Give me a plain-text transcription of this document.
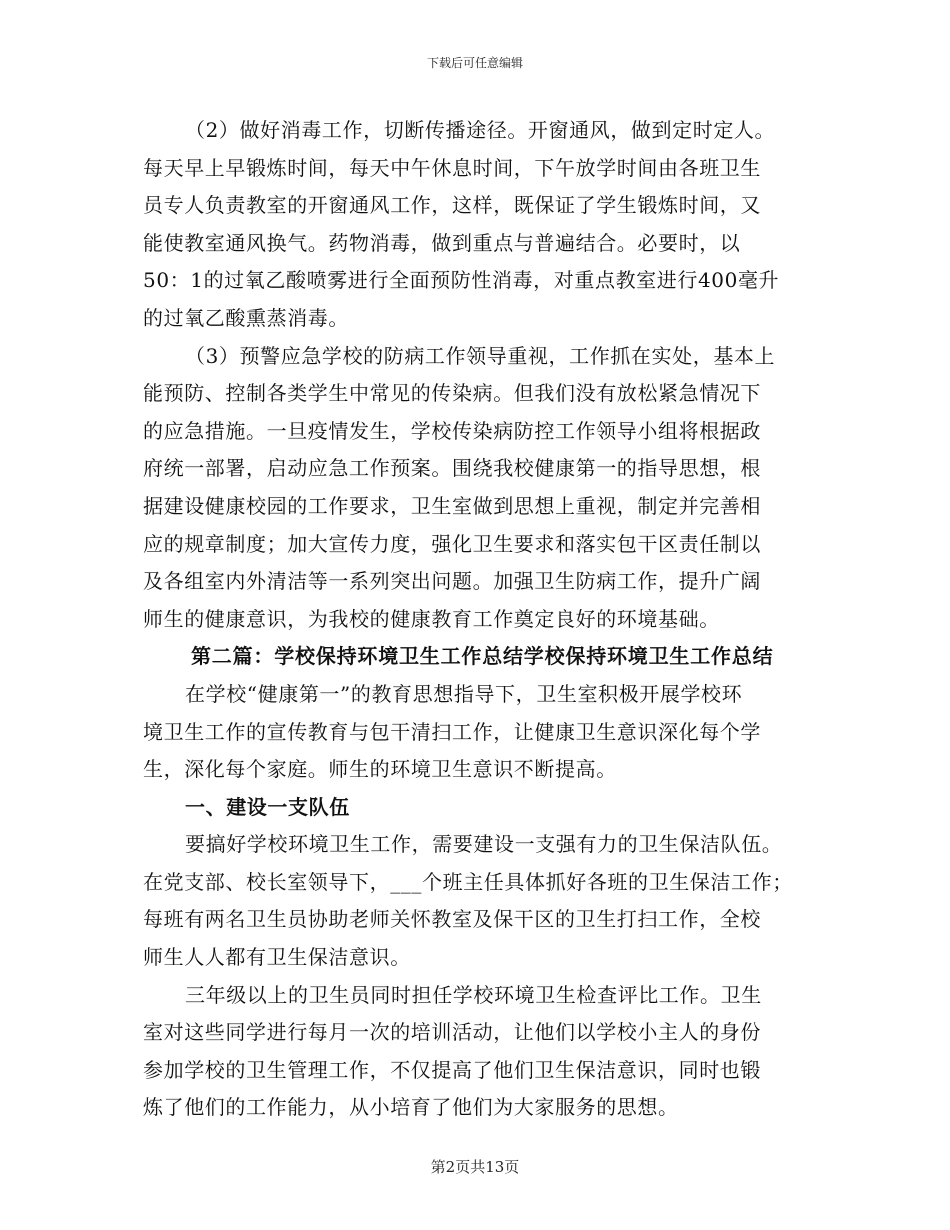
下载后可任意编辑
（2）做好消毒工作，切断传播途径。开窗通风，做到定时定人。
每天早上早锻炼时间，每天中午休息时间，下午放学时间由各班卫生
员专人负责教室的开窗通风工作，这样，既保证了学生锻炼时间，又
能使教室通风换气。药物消毒，做到重点与普遍结合。必要时，以
50：1的过氧乙酸喷雾进行全面预防性消毒，对重点教室进行400毫升
的过氧乙酸熏蒸消毒。
（3）预警应急学校的防病工作领导重视，工作抓在实处，基本上
能预防、控制各类学生中常见的传染病。但我们没有放松紧急情况下
的应急措施。一旦疫情发生，学校传染病防控工作领导小组将根据政
府统一部署，启动应急工作预案。围绕我校健康第一的指导思想，根
据建设健康校园的工作要求，卫生室做到思想上重视，制定并完善相
应的规章制度；加大宣传力度，强化卫生要求和落实包干区责任制以
及各组室内外清洁等一系列突出问题。加强卫生防病工作，提升广阔
师生的健康意识，为我校的健康教育工作奠定良好的环境基础。
第二篇：学校保持环境卫生工作总结学校保持环境卫生工作总结
在学校“健康第一”的教育思想指导下，卫生室积极开展学校环
境卫生工作的宣传教育与包干清扫工作，让健康卫生意识深化每个学
生，深化每个家庭。师生的环境卫生意识不断提高。
一、建设一支队伍
要搞好学校环境卫生工作，需要建设一支强有力的卫生保洁队伍。
在党支部、校长室领导下，___个班主任具体抓好各班的卫生保洁工作；
每班有两名卫生员协助老师关怀教室及保干区的卫生打扫工作，全校
师生人人都有卫生保洁意识。
三年级以上的卫生员同时担任学校环境卫生检查评比工作。卫生
室对这些同学进行每月一次的培训活动，让他们以学校小主人的身份
参加学校的卫生管理工作，不仅提高了他们卫生保洁意识，同时也锻
炼了他们的工作能力，从小培育了他们为大家服务的思想。
第2页共13页
